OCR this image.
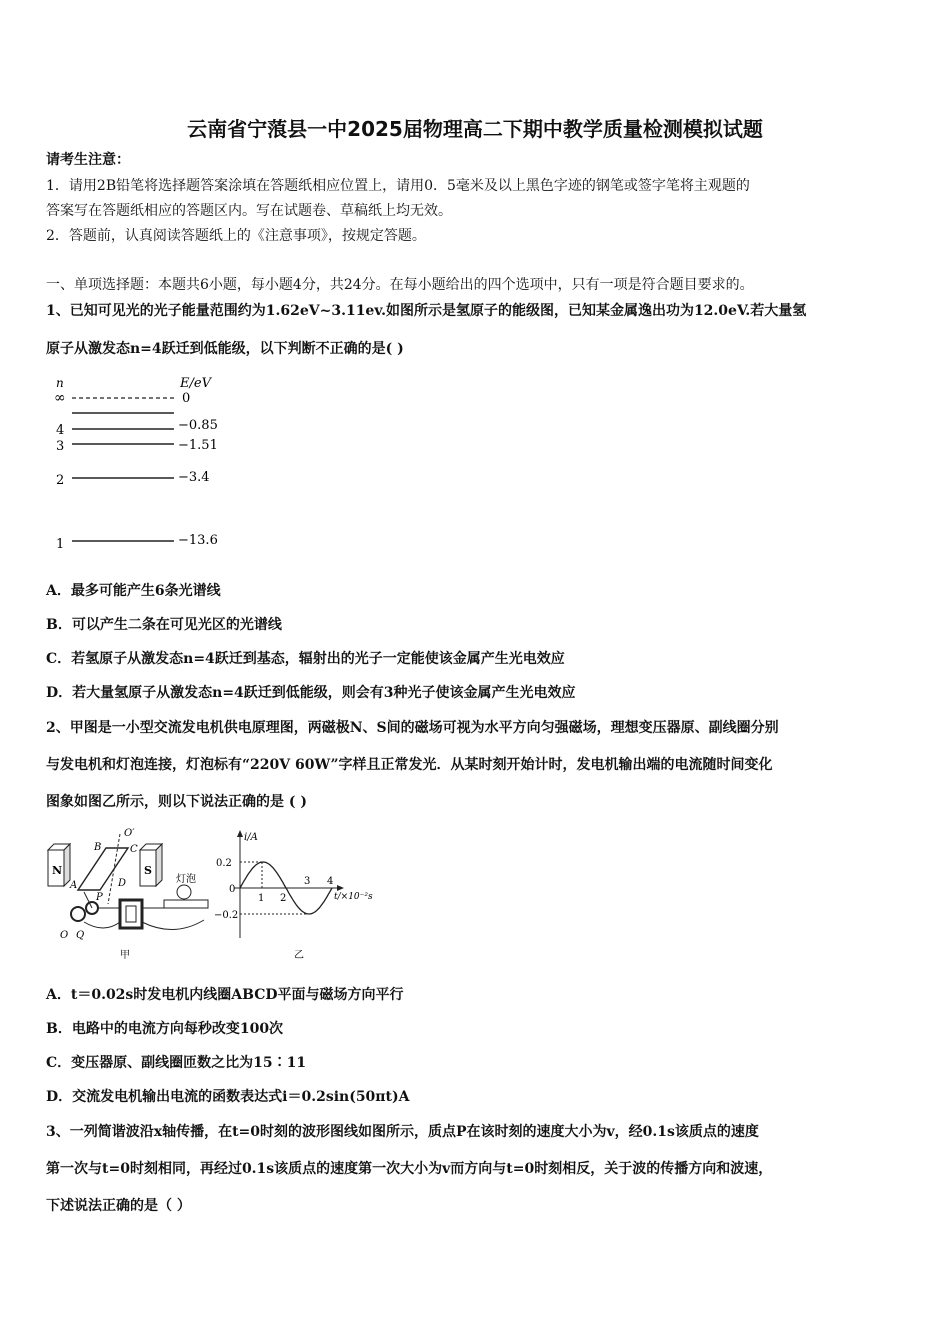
云南省宁蒗县一中2025届物理高二下期中教学质量检测模拟试题
请考生注意：
1．请用2B铅笔将选择题答案涂填在答题纸相应位置上，请用0．5毫米及以上黑色字迹的钢笔或签字笔将主观题的
答案写在答题纸相应的答题区内。写在试题卷、草稿纸上均无效。
2．答题前，认真阅读答题纸上的《注意事项》，按规定答题。
一、单项选择题：本题共6小题，每小题4分，共24分。在每小题给出的四个选项中，只有一项是符合题目要求的。
1、已知可见光的光子能量范围约为1.62eV~3.11ev.如图所示是氢原子的能级图，已知某金属逸出功为12.0eV.若大量氢
原子从激发态n=4跃迁到低能级，以下判断不正确的是( )
n	E/eV
∞
4
3
2
1
0
−0.85
−1.51
−3.4
−13.6
A．最多可能产生6条光谱线
B．可以产生二条在可见光区的光谱线
C．若氢原子从激发态n=4跃迁到基态，辐射出的光子一定能使该金属产生光电效应
D．若大量氢原子从激发态n=4跃迁到低能级，则会有3种光子使该金属产生光电效应
2、甲图是一小型交流发电机供电原理图，两磁极N、S间的磁场可视为水平方向匀强磁场，理想变压器原、副线圈分别
与发电机和灯泡连接，灯泡标有“220V 60W”字样且正常发光．从某时刻开始计时，发电机输出端的电流随时间变化
图象如图乙所示，则以下说法正确的是 ( )
N	S
O′
B	C
A	D
P
O Q
灯泡
甲
i/A
t/×10⁻²s
0.2
0
−0.2
1 2
3 4
乙
A．t＝0.02s时发电机内线圈ABCD平面与磁场方向平行
B．电路中的电流方向每秒改变100次
C．变压器原、副线圈匝数之比为15∶11
D．交流发电机输出电流的函数表达式i＝0.2sin(50πt)A
3、一列简谐波沿x轴传播，在t=0时刻的波形图线如图所示，质点P在该时刻的速度大小为v，经0.1s该质点的速度
第一次与t=0时刻相同，再经过0.1s该质点的速度第一次大小为v而方向与t=0时刻相反，关于波的传播方向和波速，
下述说法正确的是（ ）
